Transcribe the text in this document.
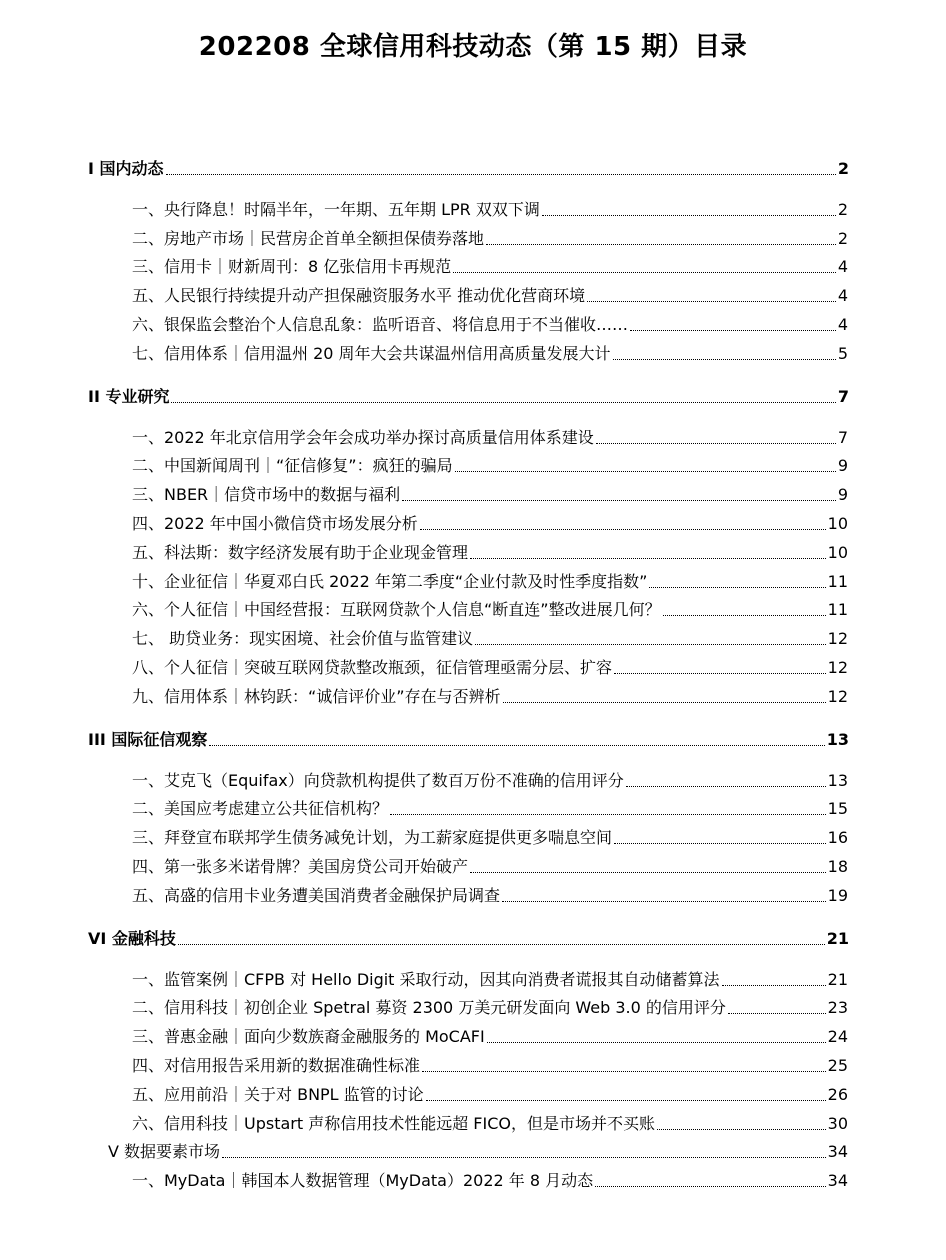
202208 全球信用科技动态（第 15 期）目录
I 国内动态	2
一、央行降息！时隔半年，一年期、五年期 LPR 双双下调	2
二、房地产市场｜民营房企首单全额担保债券落地	2
三、信用卡｜财新周刊：8 亿张信用卡再规范	4
五、人民银行持续提升动产担保融资服务水平 推动优化营商环境	4
六、银保监会整治个人信息乱象：监听语音、将信息用于不当催收……	4
七、信用体系｜信用温州 20 周年大会共谋温州信用高质量发展大计	5
II 专业研究	7
一、2022 年北京信用学会年会成功举办探讨高质量信用体系建设	7
二、中国新闻周刊｜“征信修复”：疯狂的骗局	9
三、NBER｜信贷市场中的数据与福利	9
四、2022 年中国小微信贷市场发展分析	10
五、科法斯：数字经济发展有助于企业现金管理	10
十、企业征信｜华夏邓白氏 2022 年第二季度“企业付款及时性季度指数”	11
六、个人征信｜中国经营报：互联网贷款个人信息“断直连”整改进展几何？	11
七、 助贷业务：现实困境、社会价值与监管建议	12
八、个人征信｜突破互联网贷款整改瓶颈，征信管理亟需分层、扩容	12
九、信用体系｜林钧跃：“诚信评价业”存在与否辨析	12
III 国际征信观察	13
一、艾克飞（Equifax）向贷款机构提供了数百万份不准确的信用评分	13
二、美国应考虑建立公共征信机构？	15
三、拜登宣布联邦学生债务减免计划，为工薪家庭提供更多喘息空间	16
四、第一张多米诺骨牌？美国房贷公司开始破产	18
五、高盛的信用卡业务遭美国消费者金融保护局调查	19
VI 金融科技	21
一、监管案例｜CFPB 对 Hello Digit 采取行动，因其向消费者谎报其自动储蓄算法	21
二、信用科技｜初创企业 Spetral 募资 2300 万美元研发面向 Web 3.0 的信用评分	23
三、普惠金融｜面向少数族裔金融服务的 MoCAFI	24
四、对信用报告采用新的数据准确性标准	25
五、应用前沿｜关于对 BNPL 监管的讨论	26
六、信用科技｜Upstart 声称信用技术性能远超 FICO，但是市场并不买账	30
V 数据要素市场	34
一、MyData｜韩国本人数据管理（MyData）2022 年 8 月动态	34
